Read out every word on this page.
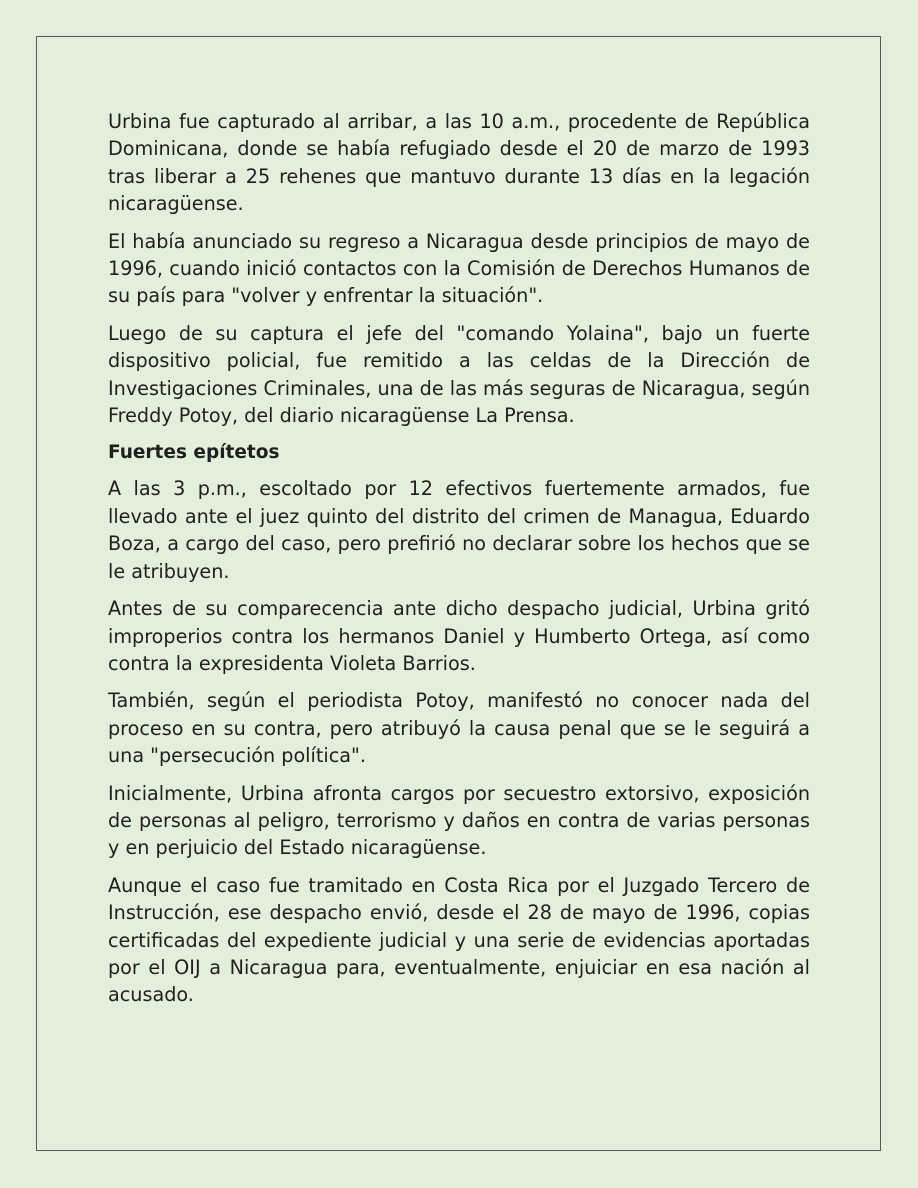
Urbina fue capturado al arribar, a las 10 a.m., procedente de República Dominicana, donde se había refugiado desde el 20 de marzo de 1993 tras liberar a 25 rehenes que mantuvo durante 13 días en la legación nicaragüense.

El había anunciado su regreso a Nicaragua desde principios de mayo de 1996, cuando inició contactos con la Comisión de Derechos Humanos de su país para "volver y enfrentar la situación".

Luego de su captura el jefe del "comando Yolaina", bajo un fuerte dispositivo policial, fue remitido a las celdas de la Dirección de Investigaciones Criminales, una de las más seguras de Nicaragua, según Freddy Potoy, del diario nicaragüense La Prensa.

Fuertes epítetos

A las 3 p.m., escoltado por 12 efectivos fuertemente armados, fue llevado ante el juez quinto del distrito del crimen de Managua, Eduardo Boza, a cargo del caso, pero prefirió no declarar sobre los hechos que se le atribuyen.

Antes de su comparecencia ante dicho despacho judicial, Urbina gritó improperios contra los hermanos Daniel y Humberto Ortega, así como contra la expresidenta Violeta Barrios.

También, según el periodista Potoy, manifestó no conocer nada del proceso en su contra, pero atribuyó la causa penal que se le seguirá a una "persecución política".

Inicialmente, Urbina afronta cargos por secuestro extorsivo, exposición de personas al peligro, terrorismo y daños en contra de varias personas y en perjuicio del Estado nicaragüense.

Aunque el caso fue tramitado en Costa Rica por el Juzgado Tercero de Instrucción, ese despacho envió, desde el 28 de mayo de 1996, copias certificadas del expediente judicial y una serie de evidencias aportadas por el OIJ a Nicaragua para, eventualmente, enjuiciar en esa nación al acusado.
